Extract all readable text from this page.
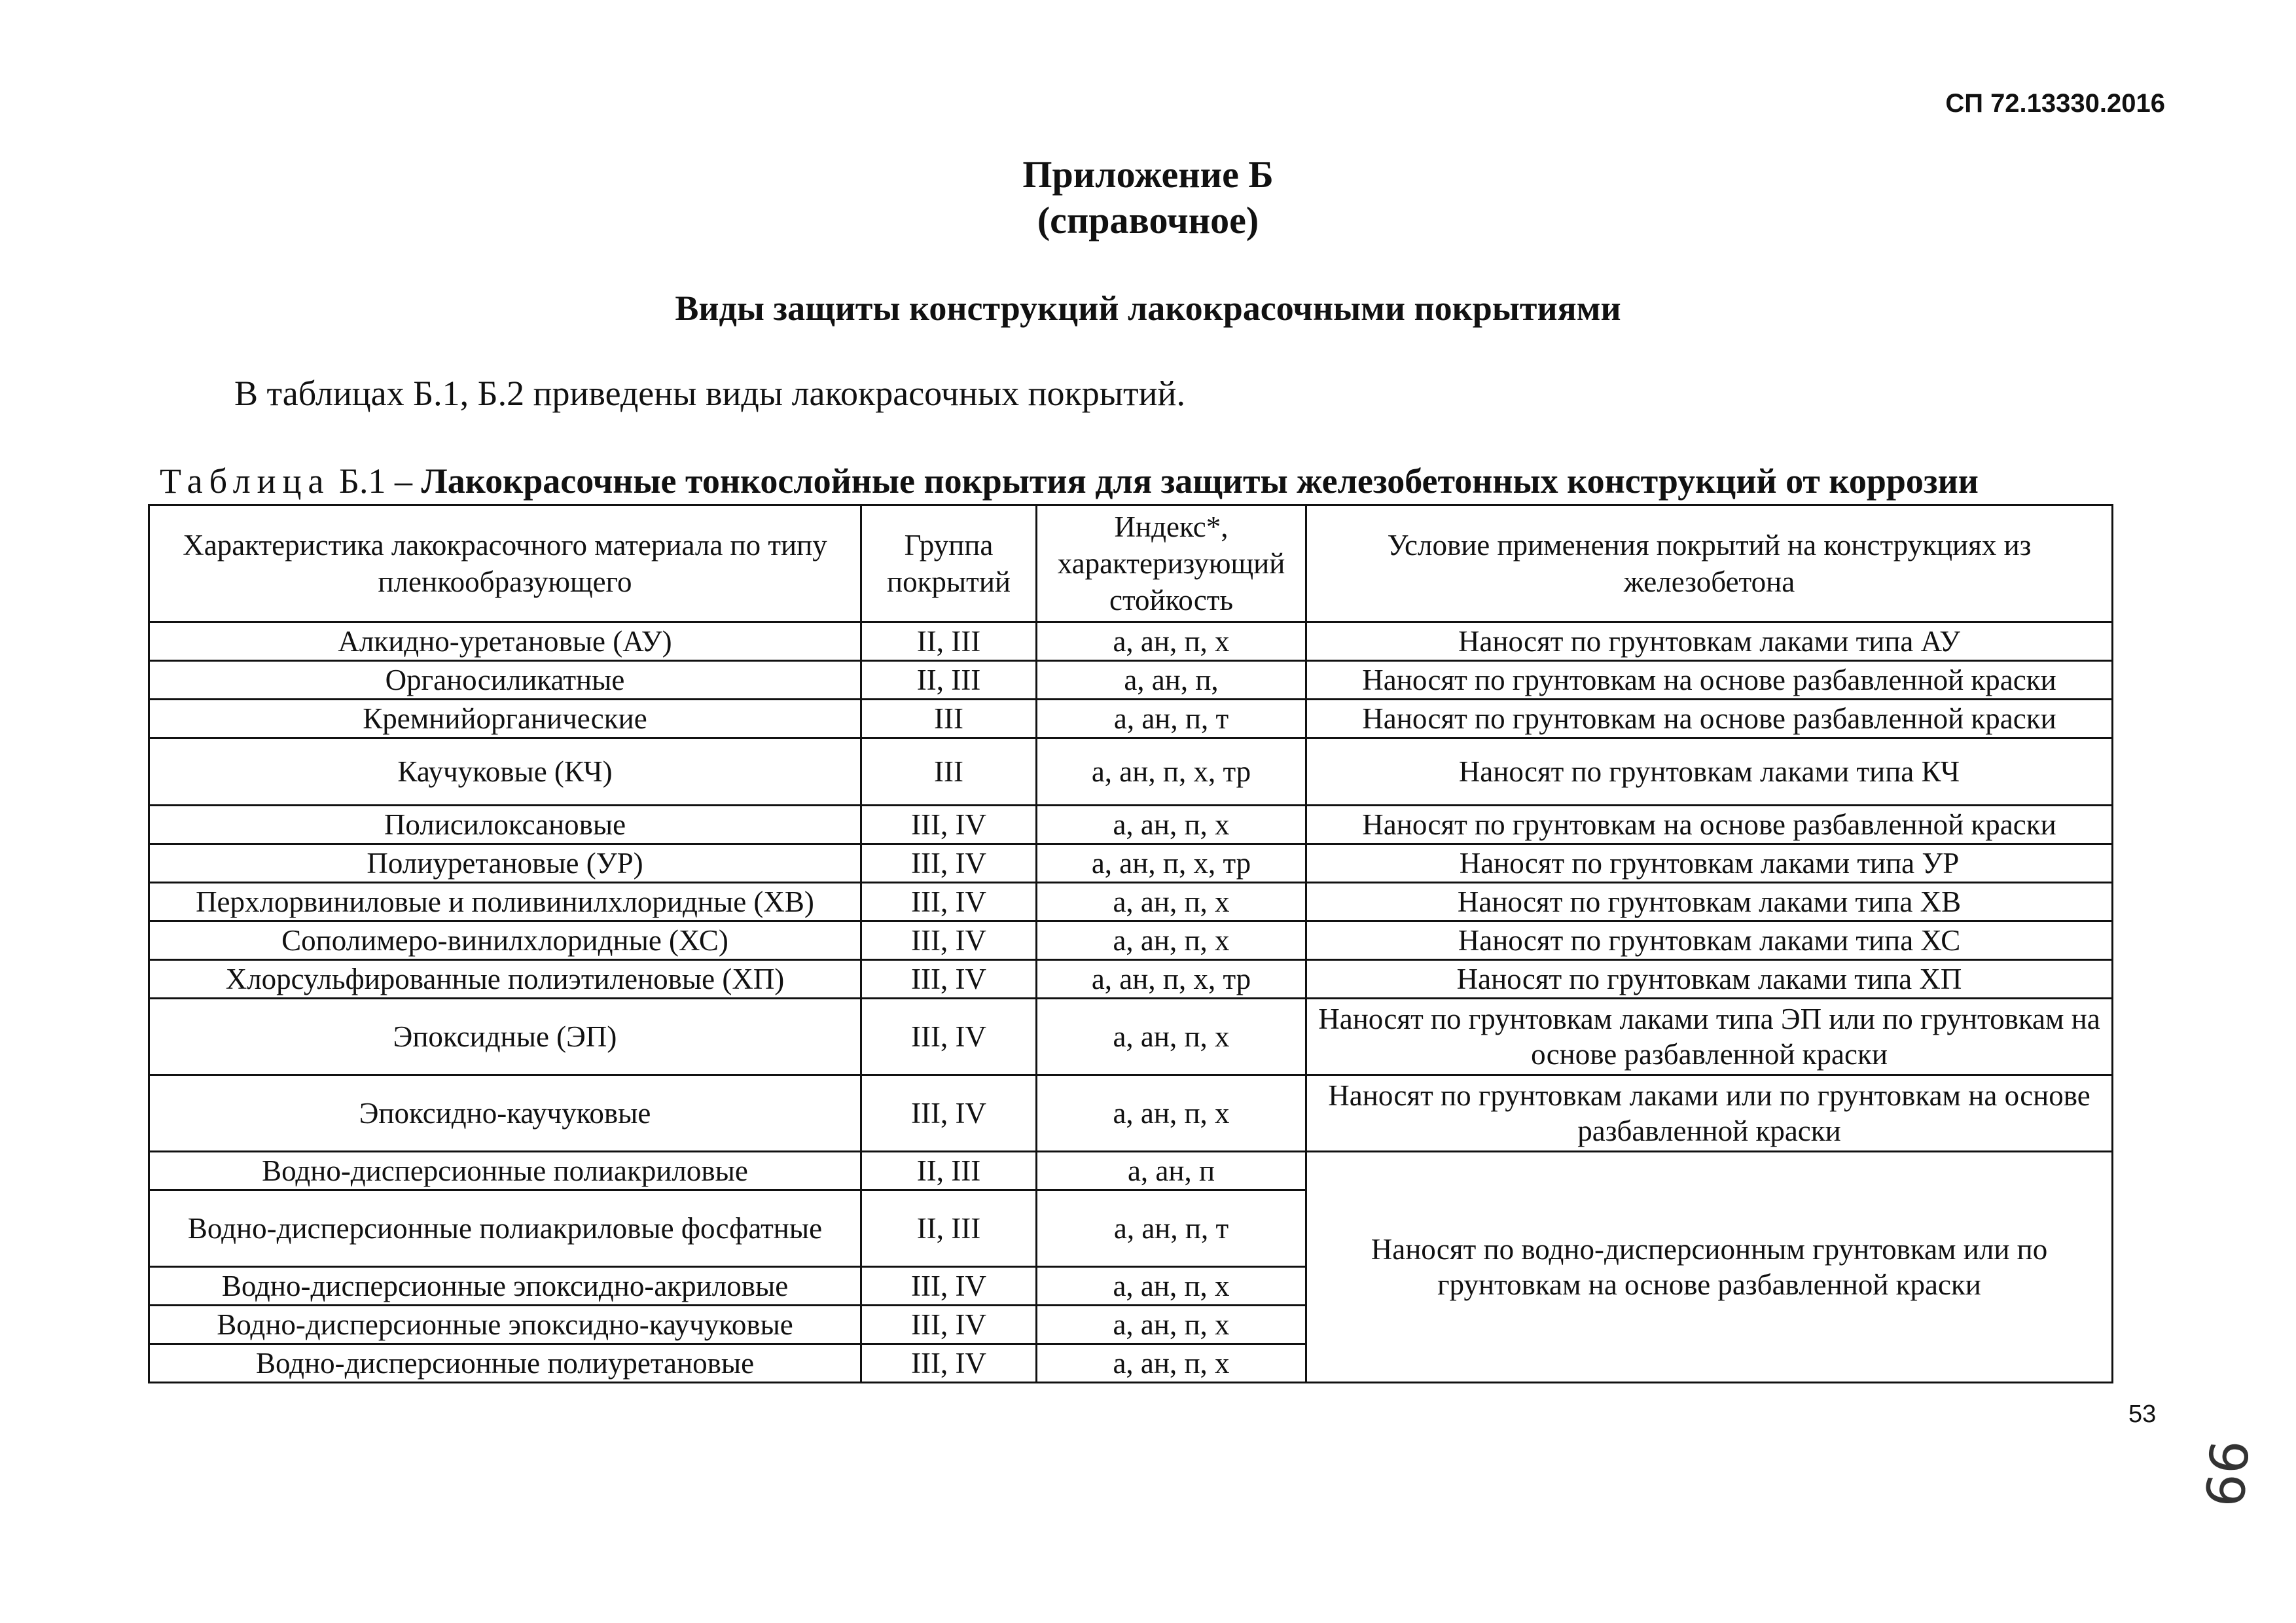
СП 72.13330.2016
Приложение Б
(справочное)
Виды защиты конструкций лакокрасочными покрытиями
В таблицах Б.1, Б.2 приведены виды лакокрасочных покрытий.
Таблица Б.1 – Лакокрасочные тонкослойные покрытия для защиты железобетонных конструкций от коррозии
Характеристика лакокрасочного материала по типу пленкообразующего	Группа покрытий	Индекс*, характеризующий стойкость	Условие применения покрытий на конструкциях из железобетона
Алкидно-уретановые (АУ)	II, III	а, ан, п, х	Наносят по грунтовкам лаками типа АУ
Органосиликатные	II, III	а, ан, п,	Наносят по грунтовкам на основе разбавленной краски
Кремнийорганические	III	а, ан, п, т	Наносят по грунтовкам на основе разбавленной краски
Каучуковые (КЧ)	III	а, ан, п, х, тр	Наносят по грунтовкам лаками типа КЧ
Полисилоксановые	III, IV	а, ан, п, х	Наносят по грунтовкам на основе разбавленной краски
Полиуретановые (УР)	III, IV	а, ан, п, х, тр	Наносят по грунтовкам лаками типа УР
Перхлорвиниловые и поливинилхлоридные (ХВ)	III, IV	а, ан, п, х	Наносят по грунтовкам лаками типа ХВ
Сополимеро-винилхлоридные (ХС)	III, IV	а, ан, п, х	Наносят по грунтовкам лаками типа ХС
Хлорсульфированные полиэтиленовые (ХП)	III, IV	а, ан, п, х, тр	Наносят по грунтовкам лаками типа ХП
Эпоксидные (ЭП)	III, IV	а, ан, п, х	Наносят по грунтовкам лаками типа ЭП или по грунтовкам на основе разбавленной краски
Эпоксидно-каучуковые	III, IV	а, ан, п, х	Наносят по грунтовкам лаками или по грунтовкам на основе разбавленной краски
Водно-дисперсионные полиакриловые	II, III	а, ан, п	Наносят по водно-дисперсионным грунтовкам или по грунтовкам на основе разбавленной краски
Водно-дисперсионные полиакриловые фосфатные	II, III	а, ан, п, т	
Водно-дисперсионные эпоксидно-акриловые	III, IV	а, ан, п, х	
Водно-дисперсионные эпоксидно-каучуковые	III, IV	а, ан, п, х	
Водно-дисперсионные полиуретановые	III, IV	а, ан, п, х	
53
99
